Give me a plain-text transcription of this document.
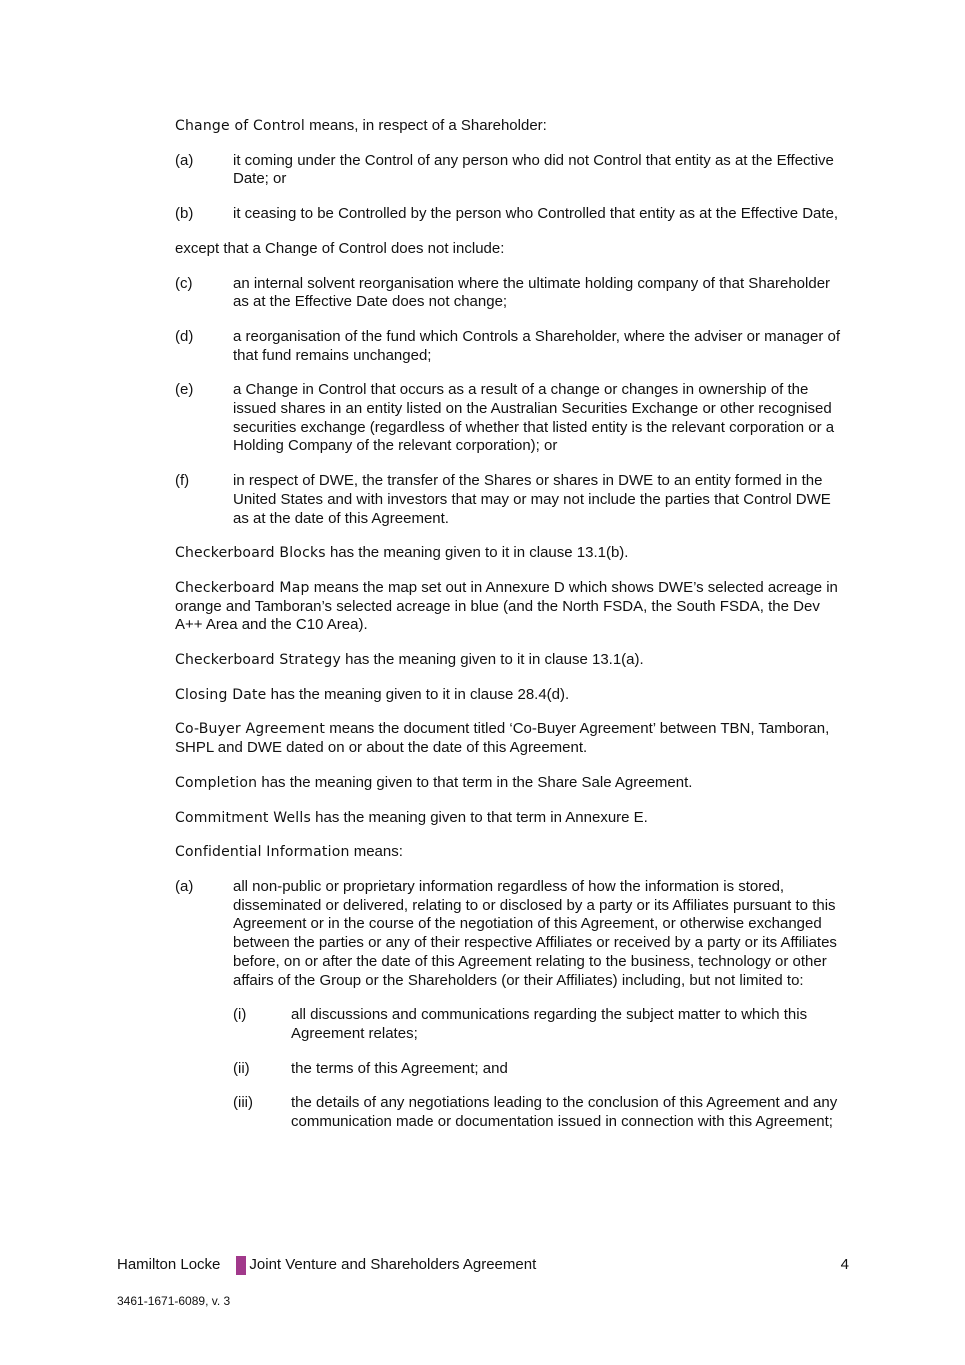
Change of Control means, in respect of a Shareholder:

(a)	it coming under the Control of any person who did not Control that entity as at the Effective Date; or
(b)	it ceasing to be Controlled by the person who Controlled that entity as at the Effective Date,

except that a Change of Control does not include:

(c)	an internal solvent reorganisation where the ultimate holding company of that Shareholder as at the Effective Date does not change;
(d)	a reorganisation of the fund which Controls a Shareholder, where the adviser or manager of that fund remains unchanged;
(e)	a Change in Control that occurs as a result of a change or changes in ownership of the issued shares in an entity listed on the Australian Securities Exchange or other recognised securities exchange (regardless of whether that listed entity is the relevant corporation or a Holding Company of the relevant corporation); or
(f)	in respect of DWE, the transfer of the Shares or shares in DWE to an entity formed in the United States and with investors that may or may not include the parties that Control DWE as at the date of this Agreement.

Checkerboard Blocks has the meaning given to it in clause 13.1(b).

Checkerboard Map means the map set out in Annexure D which shows DWE’s selected acreage in orange and Tamboran’s selected acreage in blue (and the North FSDA, the South FSDA, the Dev A++ Area and the C10 Area).

Checkerboard Strategy has the meaning given to it in clause 13.1(a).

Closing Date has the meaning given to it in clause 28.4(d).

Co-Buyer Agreement means the document titled ‘Co-Buyer Agreement’ between TBN, Tamboran, SHPL and DWE dated on or about the date of this Agreement.

Completion has the meaning given to that term in the Share Sale Agreement.

Commitment Wells has the meaning given to that term in Annexure E.

Confidential Information means:

(a)	all non-public or proprietary information regardless of how the information is stored, disseminated or delivered, relating to or disclosed by a party or its Affiliates pursuant to this Agreement or in the course of the negotiation of this Agreement, or otherwise exchanged between the parties or any of their respective Affiliates or received by a party or its Affiliates before, on or after the date of this Agreement relating to the business, technology or other affairs of the Group or the Shareholders (or their Affiliates) including, but not limited to:
(i)	all discussions and communications regarding the subject matter to which this Agreement relates;
(ii)	the terms of this Agreement; and
(iii)	the details of any negotiations leading to the conclusion of this Agreement and any communication made or documentation issued in connection with this Agreement;
Hamilton Locke Joint Venture and Shareholders Agreement	4
3461-1671-6089, v. 3
